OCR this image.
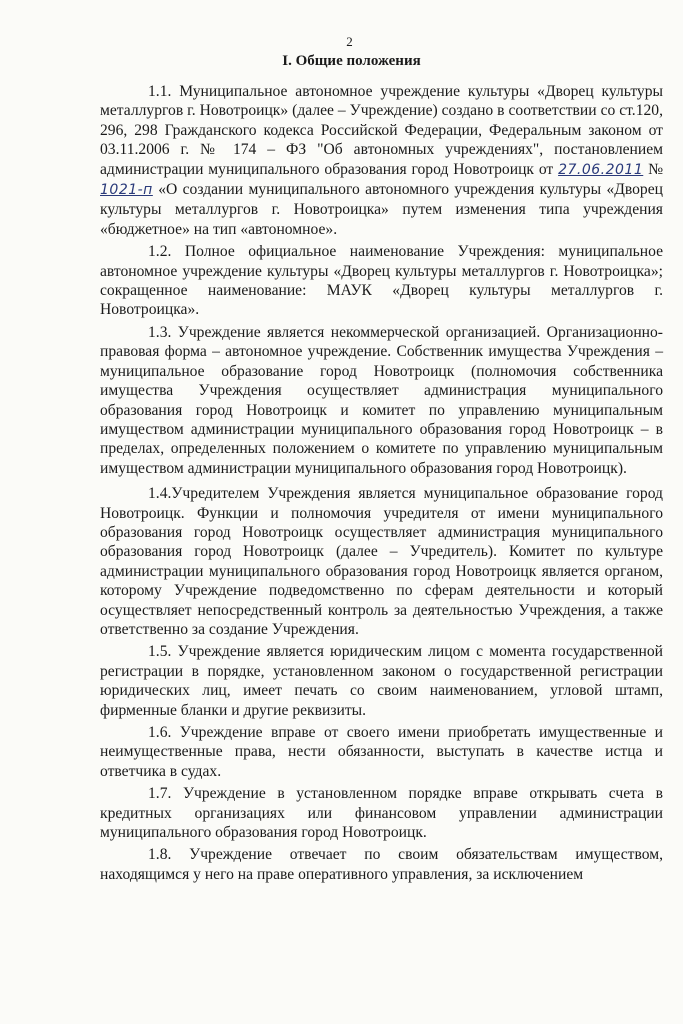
2
I. Общие положения

1.1. Муниципальное автономное учреждение культуры «Дворец культуры металлургов г. Новотроицк» (далее – Учреждение) создано в соответствии со ст.120, 296, 298 Гражданского кодекса Российской Федерации, Федеральным законом от 03.11.2006 г. № 174 – ФЗ "Об автономных учреждениях", постановлением администрации муниципального образования город Новотроицк от 27.06.2011 № 1021-п «О создании муниципального автономного учреждения культуры «Дворец культуры металлургов г. Новотроицка» путем изменения типа учреждения «бюджетное» на тип «автономное».

1.2. Полное официальное наименование Учреждения: муниципальное автономное учреждение культуры «Дворец культуры металлургов г. Новотроицка»; сокращенное наименование: МАУК «Дворец культуры металлургов г. Новотроицка».

1.3. Учреждение является некоммерческой организацией. Организационно-правовая форма – автономное учреждение. Собственник имущества Учреждения – муниципальное образование город Новотроицк (полномочия собственника имущества Учреждения осуществляет администрация муниципального образования город Новотроицк и комитет по управлению муниципальным имуществом администрации муниципального образования город Новотроицк – в пределах, определенных положением о комитете по управлению муниципальным имуществом администрации муниципального образования город Новотроицк).

1.4.Учредителем Учреждения является муниципальное образование город Новотроицк. Функции и полномочия учредителя от имени муниципального образования город Новотроицк осуществляет администрация муниципального образования город Новотроицк (далее – Учредитель). Комитет по культуре администрации муниципального образования город Новотроицк является органом, которому Учреждение подведомственно по сферам деятельности и который осуществляет непосредственный контроль за деятельностью Учреждения, а также ответственно за создание Учреждения.

1.5. Учреждение является юридическим лицом с момента государственной регистрации в порядке, установленном законом о государственной регистрации юридических лиц, имеет печать со своим наименованием, угловой штамп, фирменные бланки и другие реквизиты.

1.6. Учреждение вправе от своего имени приобретать имущественные и неимущественные права, нести обязанности, выступать в качестве истца и ответчика в судах.

1.7. Учреждение в установленном порядке вправе открывать счета в кредитных организациях или финансовом управлении администрации муниципального образования город Новотроицк.

1.8. Учреждение отвечает по своим обязательствам имуществом, находящимся у него на праве оперативного управления, за исключением
